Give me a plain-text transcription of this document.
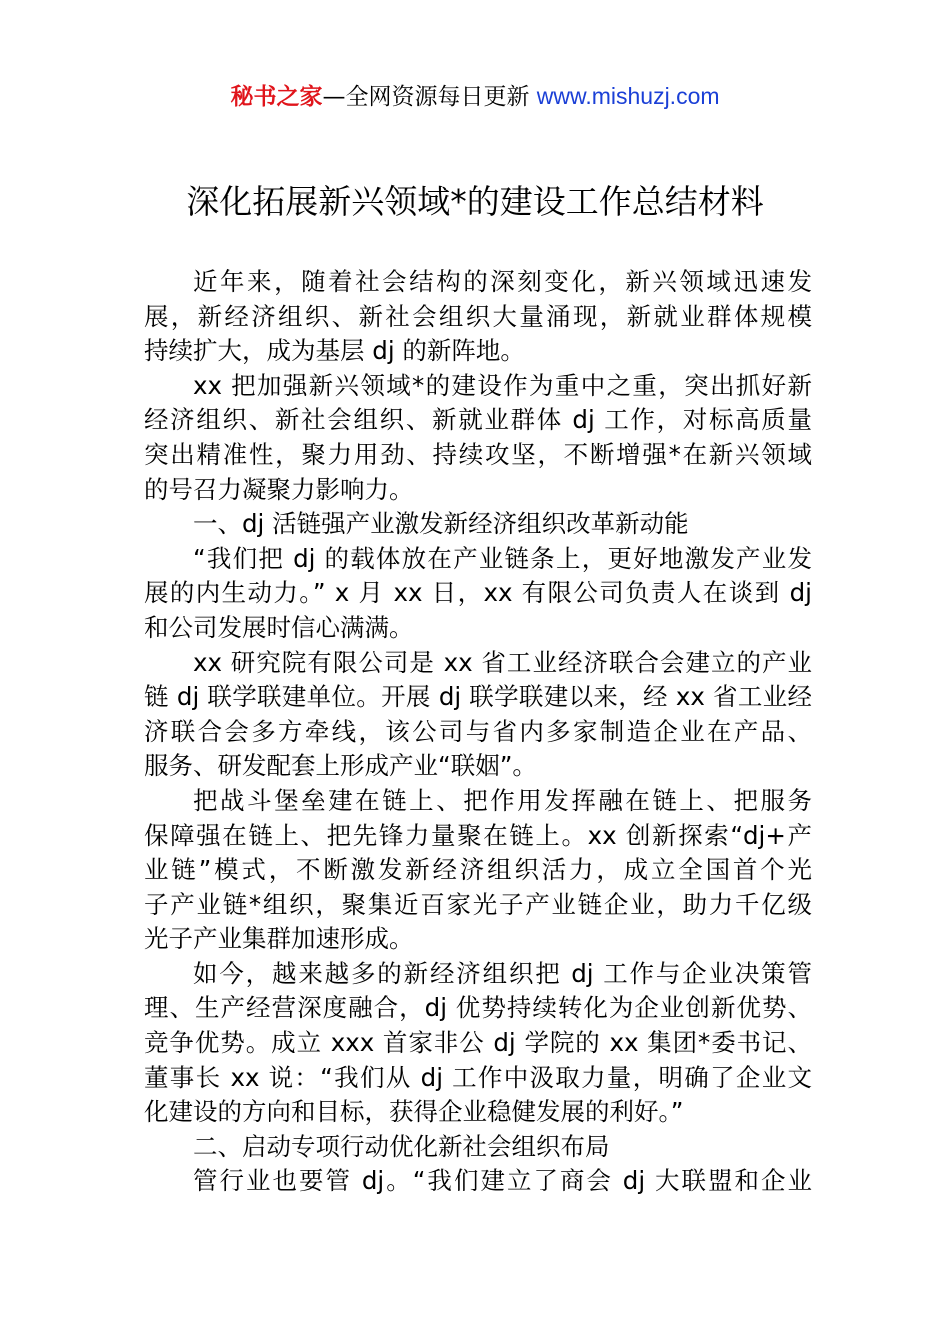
秘书之家—全网资源每日更新 www.mishuzj.com
深化拓展新兴领域*的建设工作总结材料
近年来，随着社会结构的深刻变化，新兴领域迅速发
展，新经济组织、新社会组织大量涌现，新就业群体规模
持续扩大，成为基层 dj 的新阵地。
xx 把加强新兴领域*的建设作为重中之重，突出抓好新
经济组织、新社会组织、新就业群体 dj 工作，对标高质量
突出精准性，聚力用劲、持续攻坚，不断增强*在新兴领域
的号召力凝聚力影响力。
一、dj 活链强产业激发新经济组织改革新动能
“我们把 dj 的载体放在产业链条上，更好地激发产业发
展的内生动力。” x 月 xx 日，xx 有限公司负责人在谈到 dj
和公司发展时信心满满。
xx 研究院有限公司是 xx 省工业经济联合会建立的产业
链 dj 联学联建单位。开展 dj 联学联建以来，经 xx 省工业经
济联合会多方牵线，该公司与省内多家制造企业在产品、
服务、研发配套上形成产业“联姻”。
把战斗堡垒建在链上、把作用发挥融在链上、把服务
保障强在链上、把先锋力量聚在链上。xx 创新探索“dj+产
业链”模式，不断激发新经济组织活力，成立全国首个光
子产业链*组织，聚集近百家光子产业链企业，助力千亿级
光子产业集群加速形成。
如今，越来越多的新经济组织把 dj 工作与企业决策管
理、生产经营深度融合，dj 优势持续转化为企业创新优势、
竞争优势。成立 xxx 首家非公 dj 学院的 xx 集团*委书记、
董事长 xx 说：“我们从 dj 工作中汲取力量，明确了企业文
化建设的方向和目标，获得企业稳健发展的利好。”
二、启动专项行动优化新社会组织布局
管行业也要管 dj。“我们建立了商会 dj 大联盟和企业
